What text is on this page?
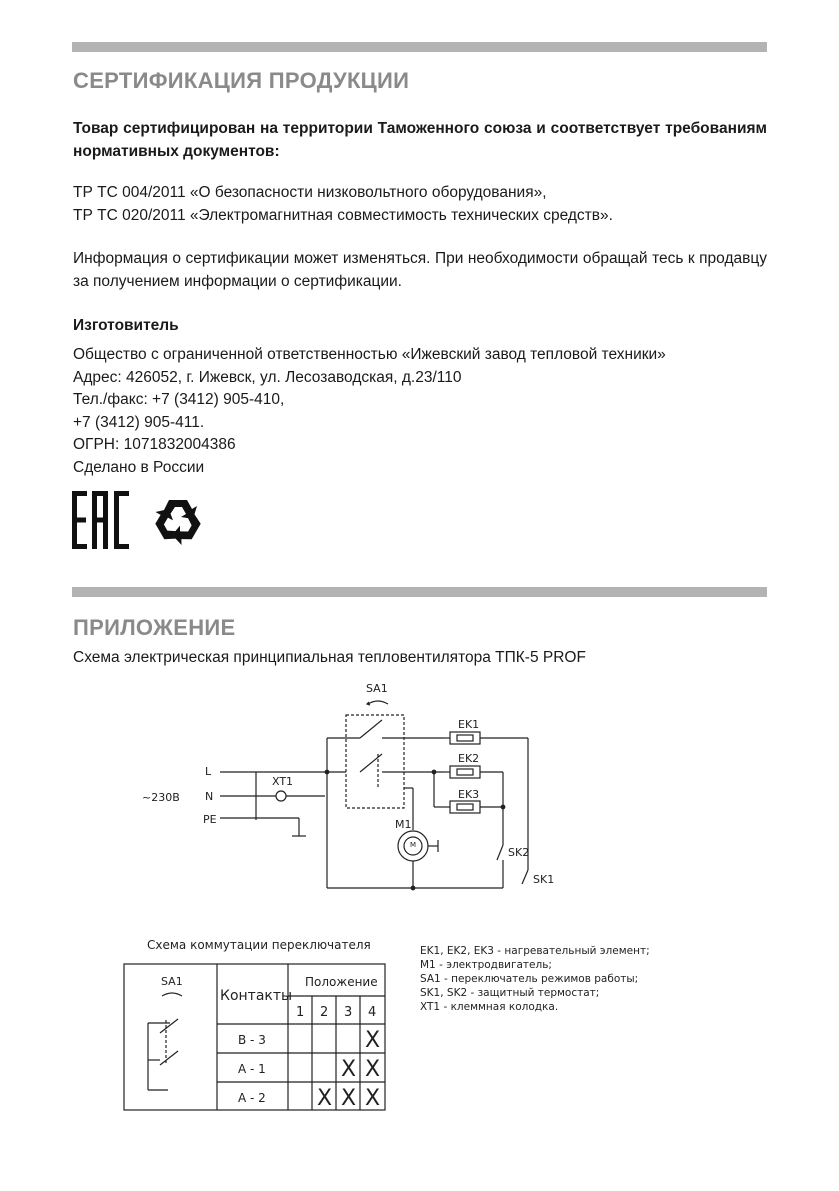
СЕРТИФИКАЦИЯ ПРОДУКЦИИ

Товар сертифицирован на территории Таможенного союза и соответствует требованиям нормативных документов:

ТР ТС 004/2011 «О безопасности низковольтного оборудования»,
ТР ТС 020/2011 «Электромагнитная совместимость технических средств».

Информация о сертификации может изменяться. При необходимости обращай тесь к продавцу за получением информации о сертификации.

Изготовитель

Общество с ограниченной ответственностью «Ижевский завод тепловой техники»
Адрес: 426052, г. Ижевск, ул. Лесозаводская, д.23/110
Тел./факс: +7 (3412) 905-410,
+7 (3412) 905-411.
ОГРН: 1071832004386
Сделано в России

ПРИЛОЖЕНИЕ

Схема электрическая принципиальная тепловентилятора ТПК-5 PROF

~230В
L
N
PE
XT1
SA1
EK1
EK2
EK3
SK2
SK1
M1
M
Схема коммутации переключателя
SA1
Контакты
Положение
1 2 3 4
B - 3
A - 1
A - 2
X
X X
X X X
EK1, EK2, EK3 - нагревательный элемент;
M1 - электродвигатель;
SA1 - переключатель режимов работы;
SK1, SK2 - защитный термостат;
XT1 - клеммная колодка.
